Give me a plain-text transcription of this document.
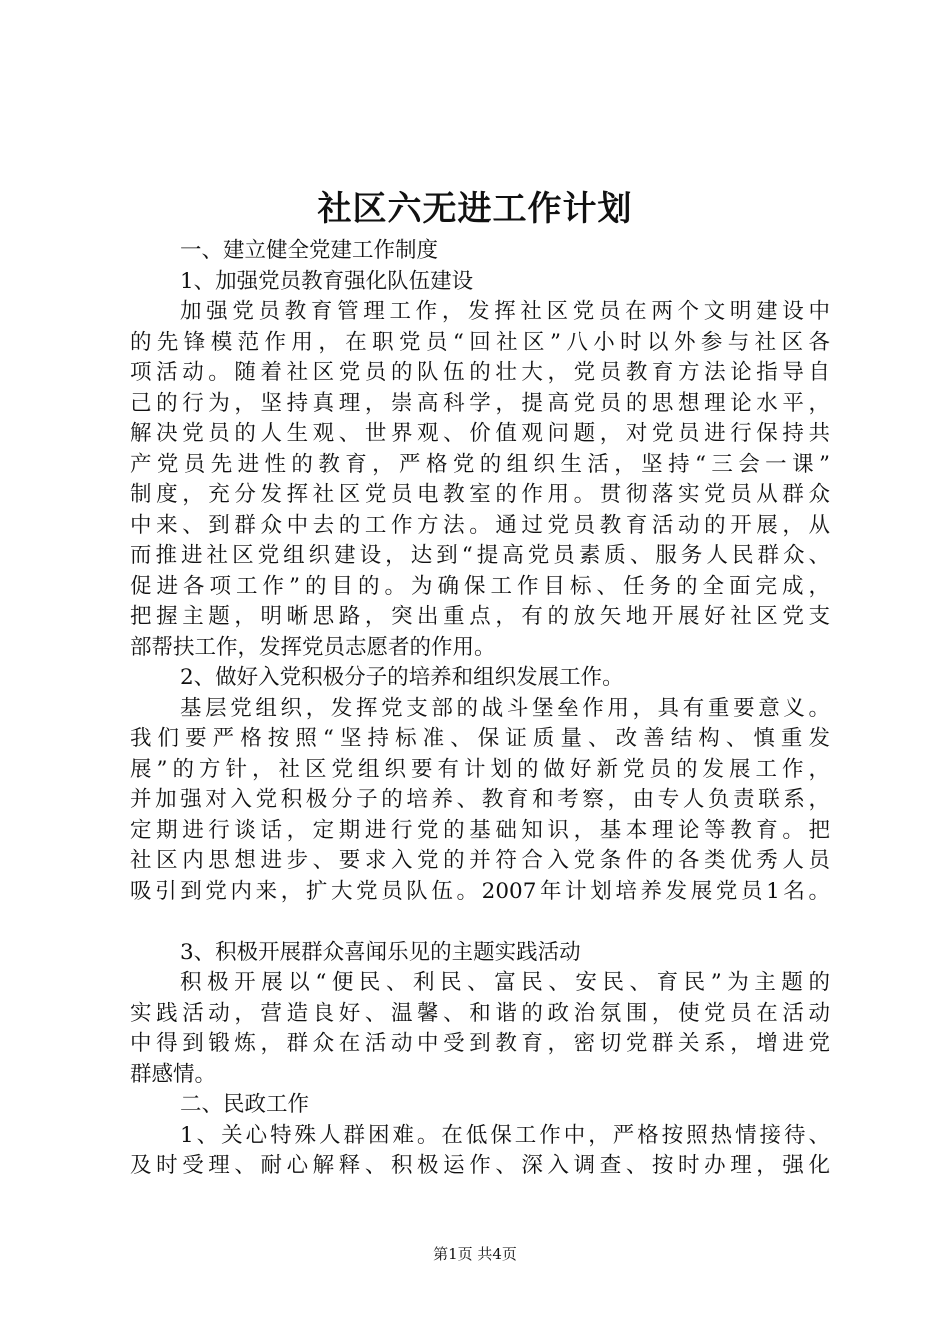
社区六无进工作计划
一、建立健全党建工作制度
1、加强党员教育强化队伍建设
加强党员教育管理工作，发挥社区党员在两个文明建设中
的先锋模范作用，在职党员“回社区”八小时以外参与社区各
项活动。随着社区党员的队伍的壮大，党员教育方法论指导自
己的行为，坚持真理，崇高科学，提高党员的思想理论水平，
解决党员的人生观、世界观、价值观问题，对党员进行保持共
产党员先进性的教育，严格党的组织生活，坚持“三会一课”
制度，充分发挥社区党员电教室的作用。贯彻落实党员从群众
中来、到群众中去的工作方法。通过党员教育活动的开展，从
而推进社区党组织建设，达到“提高党员素质、服务人民群众、
促进各项工作”的目的。为确保工作目标、任务的全面完成，
把握主题，明晰思路，突出重点，有的放矢地开展好社区党支
部帮扶工作，发挥党员志愿者的作用。
2、做好入党积极分子的培养和组织发展工作。
基层党组织，发挥党支部的战斗堡垒作用，具有重要意义。
我们要严格按照“坚持标准、保证质量、改善结构、慎重发
展”的方针，社区党组织要有计划的做好新党员的发展工作，
并加强对入党积极分子的培养、教育和考察，由专人负责联系，
定期进行谈话，定期进行党的基础知识，基本理论等教育。把
社区内思想进步、要求入党的并符合入党条件的各类优秀人员
吸引到党内来，扩大党员队伍。2007年计划培养发展党员1名。
3、积极开展群众喜闻乐见的主题实践活动
积极开展以“便民、利民、富民、安民、育民”为主题的
实践活动，营造良好、温馨、和谐的政治氛围，使党员在活动
中得到锻炼，群众在活动中受到教育，密切党群关系，增进党
群感情。
二、民政工作
1、关心特殊人群困难。在低保工作中，严格按照热情接待、
及时受理、耐心解释、积极运作、深入调查、按时办理，强化
第1页 共4页
